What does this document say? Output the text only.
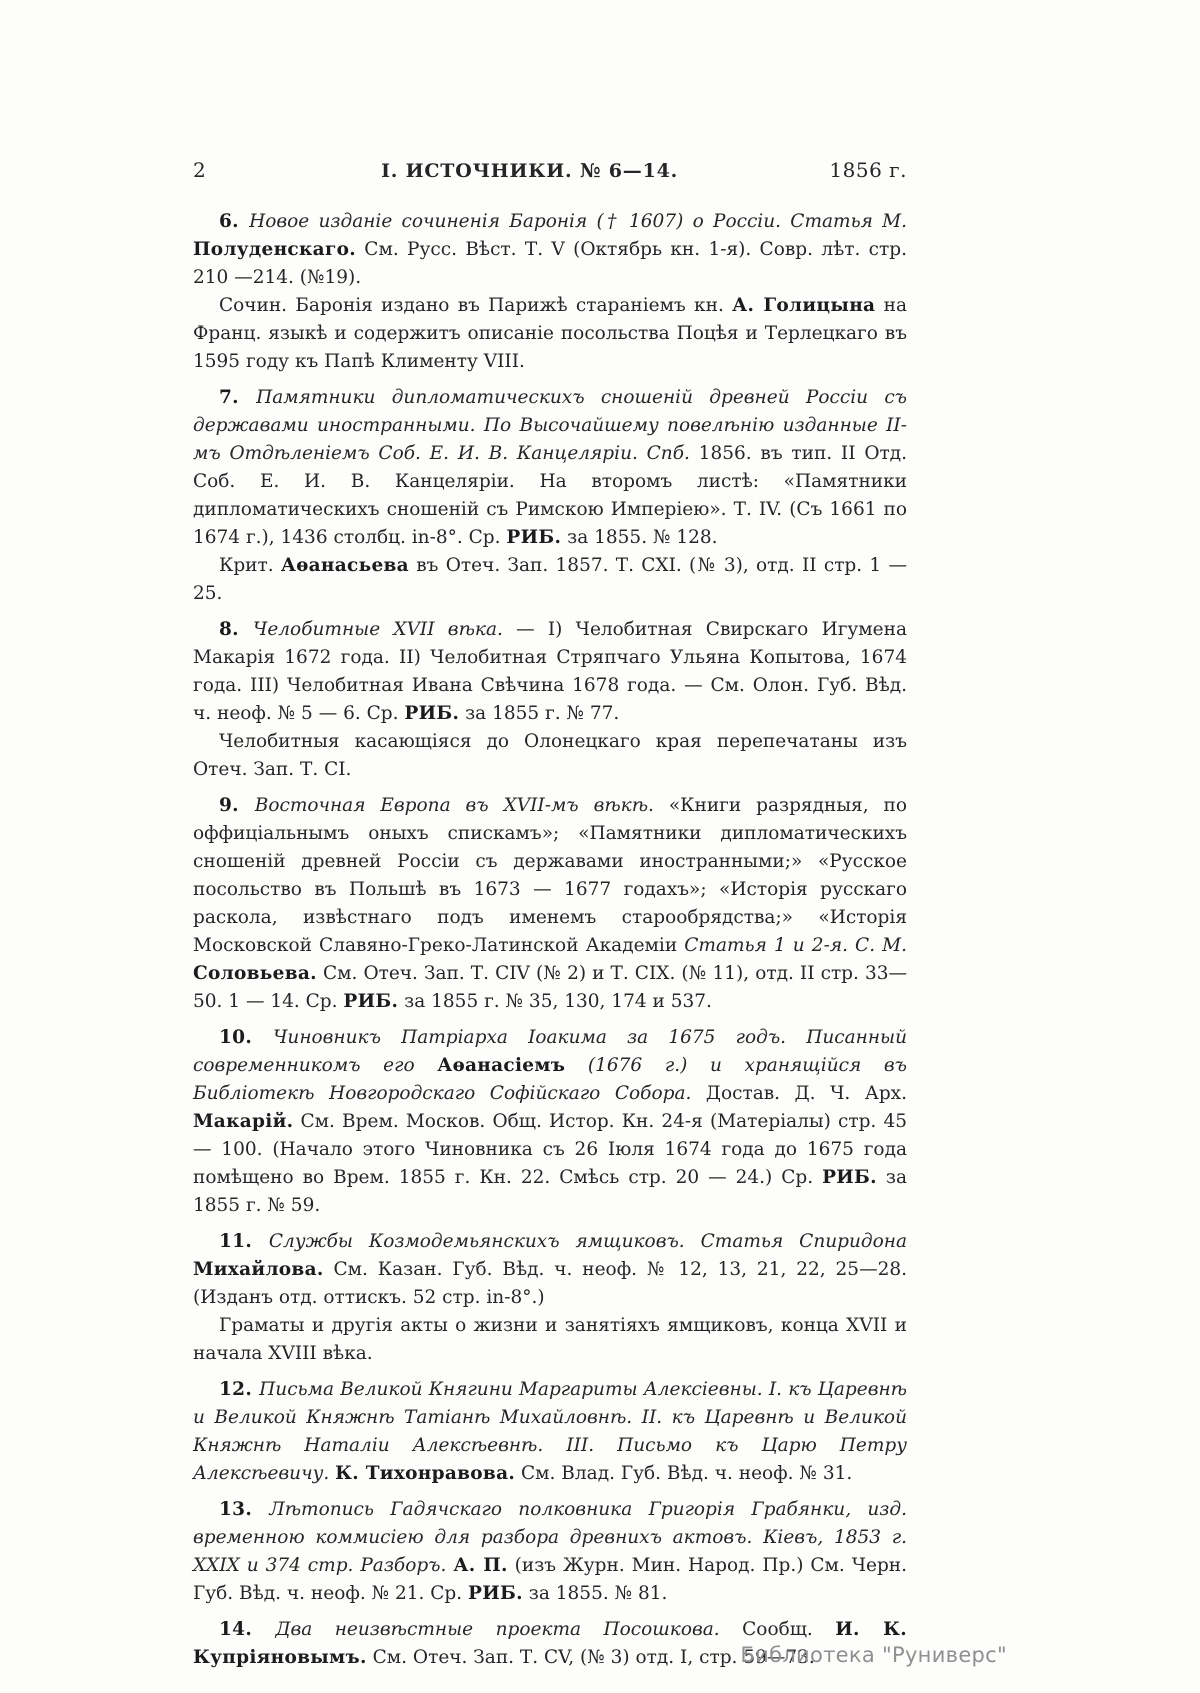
2	І. ИСТОЧНИКИ. № 6—14.	1856 г.

6. Новое изданіе сочиненія Баронія († 1607) о Россіи. Статья М. Полуденскаго. См. Русс. Вѣст. Т. V (Октябрь кн. 1-я). Совр. лѣт. стр. 210 —214. (№19).

Сочин. Баронія издано въ Парижѣ стараніемъ кн. А. Голицына на Франц. языкѣ и содержитъ описаніе посольства Поцѣя и Терлецкаго въ 1595 году къ Папѣ Клименту VIII.

7. Памятники дипломатическихъ сношеній древней Россіи съ державами иностранными. По Высочайшему повелѣнію изданные ІІ-мъ Отдѣленіемъ Соб. Е. И. В. Канцеляріи. Спб. 1856. въ тип. II Отд. Соб. Е. И. В. Канцеляріи. На второмъ листѣ: «Памятники дипломатическихъ сношеній съ Римскою Имперіею». Т. IV. (Съ 1661 по 1674 г.), 1436 столбц. in-8°. Ср. РИБ. за 1855. № 128.

Крит. Аѳанасьева въ Отеч. Зап. 1857. Т. СХІ. (№ 3), отд. II стр. 1 — 25.

8. Челобитные XVII вѣка. — I) Челобитная Свирскаго Игумена Макарія 1672 года. II) Челобитная Стряпчаго Ульяна Копытова, 1674 года. III) Челобитная Ивана Свѣчина 1678 года. — См. Олон. Губ. Вѣд. ч. неоф. № 5 — 6. Ср. РИБ. за 1855 г. № 77.

Челобитныя касающіяся до Олонецкаго края перепечатаны изъ Отеч. Зап. Т. СІ.

9. Восточная Европа въ XVII-мъ вѣкѣ. «Книги разрядныя, по оффиціальнымъ оныхъ спискамъ»; «Памятники дипломатическихъ сношеній древней Россіи съ державами иностранными;» «Русское посольство въ Польшѣ въ 1673 — 1677 годахъ»; «Исторія русскаго раскола, извѣстнаго подъ именемъ старообрядства;» «Исторія Московской Славяно-Греко-Латинской Академіи Статья 1 и 2-я. С. М. Соловьева. См. Отеч. Зап. Т. CIV (№ 2) и Т. CIX. (№ 11), отд. II стр. 33—50. 1 — 14. Ср. РИБ. за 1855 г. № 35, 130, 174 и 537.

10. Чиновникъ Патріарха Іоакима за 1675 годъ. Писанный современникомъ его Аѳанасіемъ (1676 г.) и хранящійся въ Библіотекѣ Новгородскаго Софійскаго Собора. Достав. Д. Ч. Арх. Макарій. См. Врем. Москов. Общ. Истор. Кн. 24-я (Матеріалы) стр. 45 — 100. (Начало этого Чиновника съ 26 Іюля 1674 года до 1675 года помѣщено во Врем. 1855 г. Кн. 22. Смѣсь стр. 20 — 24.) Ср. РИБ. за 1855 г. № 59.

11. Службы Козмодемьянскихъ ямщиковъ. Статья Спиридона Михайлова. См. Казан. Губ. Вѣд. ч. неоф. № 12, 13, 21, 22, 25—28. (Изданъ отд. оттискъ. 52 стр. in-8°.)

Граматы и другія акты о жизни и занятіяхъ ямщиковъ, конца XVII и начала XVIII вѣка.

12. Письма Великой Княгини Маргариты Алексіевны. I. къ Царевнѣ и Великой Княжнѣ Татіанѣ Михайловнѣ. II. къ Царевнѣ и Великой Княжнѣ Наталіи Алексѣевнѣ. III. Письмо къ Царю Петру Алексѣевичу. К. Тихонравова. См. Влад. Губ. Вѣд. ч. неоф. № 31.

13. Лѣтопись Гадячскаго полковника Григорія Грабянки, изд. временною коммисіею для разбора древнихъ актовъ. Кіевъ, 1853 г. XXIX и 374 стр. Разборъ. А. П. (изъ Журн. Мин. Народ. Пр.) См. Черн. Губ. Вѣд. ч. неоф. № 21. Ср. РИБ. за 1855. № 81.

14. Два неизвѣстные проекта Посошкова. Сообщ. И. К. Купріяновымъ. См. Отеч. Зап. Т. CV, (№ 3) отд. I, стр. 59—73.

Библиотека "Руниверс"
